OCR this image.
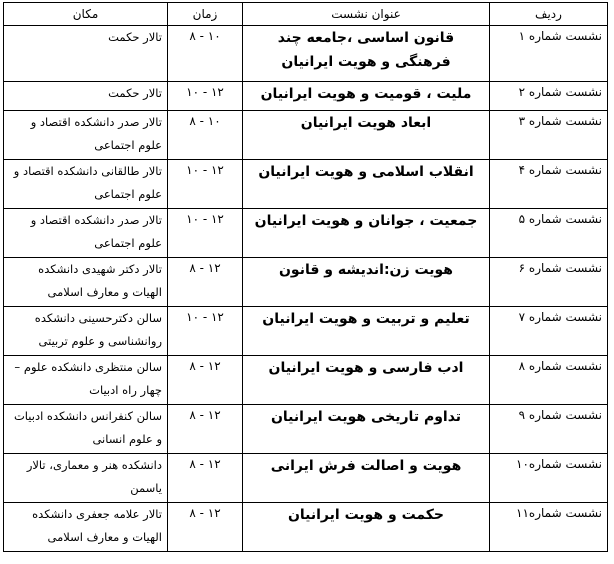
ردیف	عنوان نشست	زمان	مکان
نشست شماره ۱	قانون اساسی ،جامعه چند فرهنگی و هویت ایرانیان	۸ - ۱۰	تالار حکمت
نشست شماره ۲	ملیت ، قومیت و هویت ایرانیان	۱۰ - ۱۲	تالار حکمت
نشست شماره ۳	ابعاد هویت ایرانیان	۸ - ۱۰	تالار صدر دانشکده اقتصاد و علوم اجتماعی
نشست شماره ۴	انقلاب اسلامی و هویت ایرانیان	۱۰ - ۱۲	تالار طالقانی دانشکده اقتصاد و علوم اجتماعی
نشست شماره ۵	جمعیت ، جوانان و هویت ایرانیان	۱۰ - ۱۲	تالار صدر دانشکده اقتصاد و علوم اجتماعی
نشست شماره ۶	هویت زن:اندیشه و قانون	۸ - ۱۲	تالار دکتر شهیدی دانشکده الهیات و معارف اسلامی
نشست شماره ۷	تعلیم و تربیت و هویت ایرانیان	۱۰ - ۱۲	سالن دکترحسینی دانشکده روانشناسی و علوم تربیتی
نشست شماره ۸	ادب فارسی و هویت ایرانیان	۸ - ۱۲	سالن منتظری دانشکده علوم – چهار راه ادبیات
نشست شماره ۹	تداوم تاریخی هویت ایرانیان	۸ - ۱۲	سالن کنفرانس دانشکده ادبیات و علوم انسانی
نشست شماره۱۰	هویت و اصالت فرش ایرانی	۸ - ۱۲	دانشکده هنر و معماری، تالار یاسمن
نشست شماره۱۱	حکمت و هویت ایرانیان	۸ - ۱۲	تالار علامه جعفری دانشکده الهیات و معارف اسلامی
